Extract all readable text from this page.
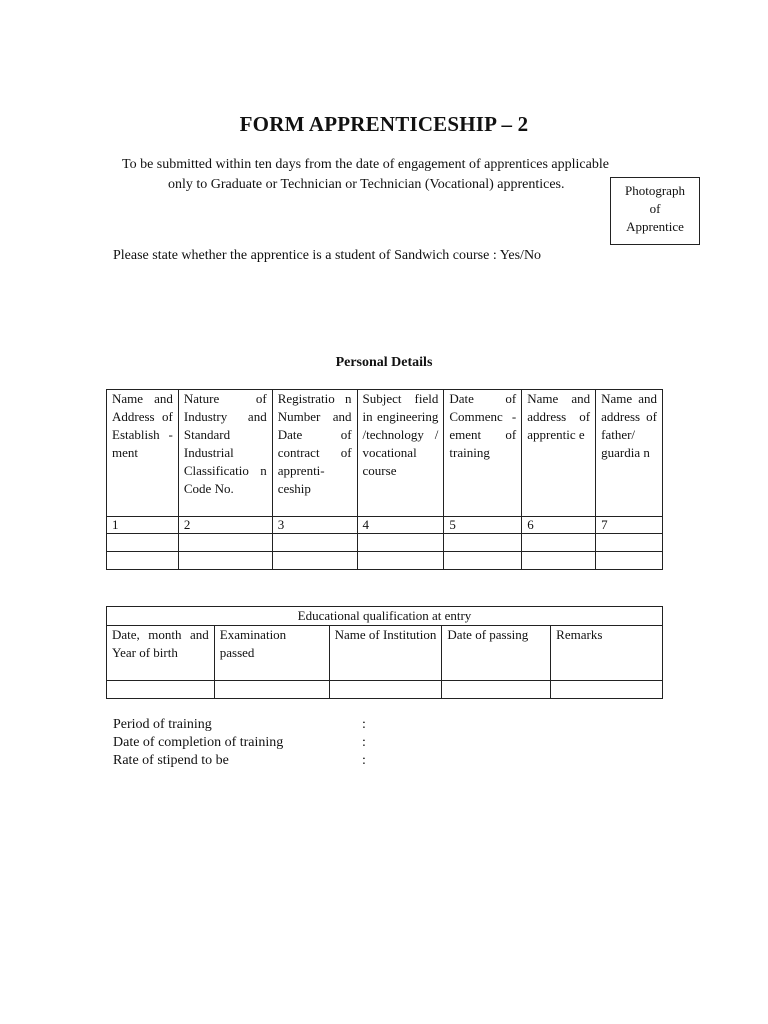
FORM APPRENTICESHIP – 2
To be submitted within ten days from the date of engagement of apprentices applicable
only to Graduate or Technician or Technician (Vocational) apprentices.	Photograph
of
Apprentice
Please state whether the apprentice is a student of Sandwich course : Yes/No
Personal Details
Name and Address of Establish -ment	Nature of Industry and Standard Industrial Classificatio n Code No.	Registratio n Number and Date of contract of apprenti- ceship	Subject field in engineering /technology / vocational course	Date of Commenc -ement of training	Name and address of apprentic e	Name and address of father/ guardia n
1	2	3	4	5	6	7

Educational qualification at entry				
Date, month and Year of birth	Examination passed	Name of Institution	Date of passing	Remarks

Period of training	:
Date of completion of training	:
Rate of stipend to be	:
